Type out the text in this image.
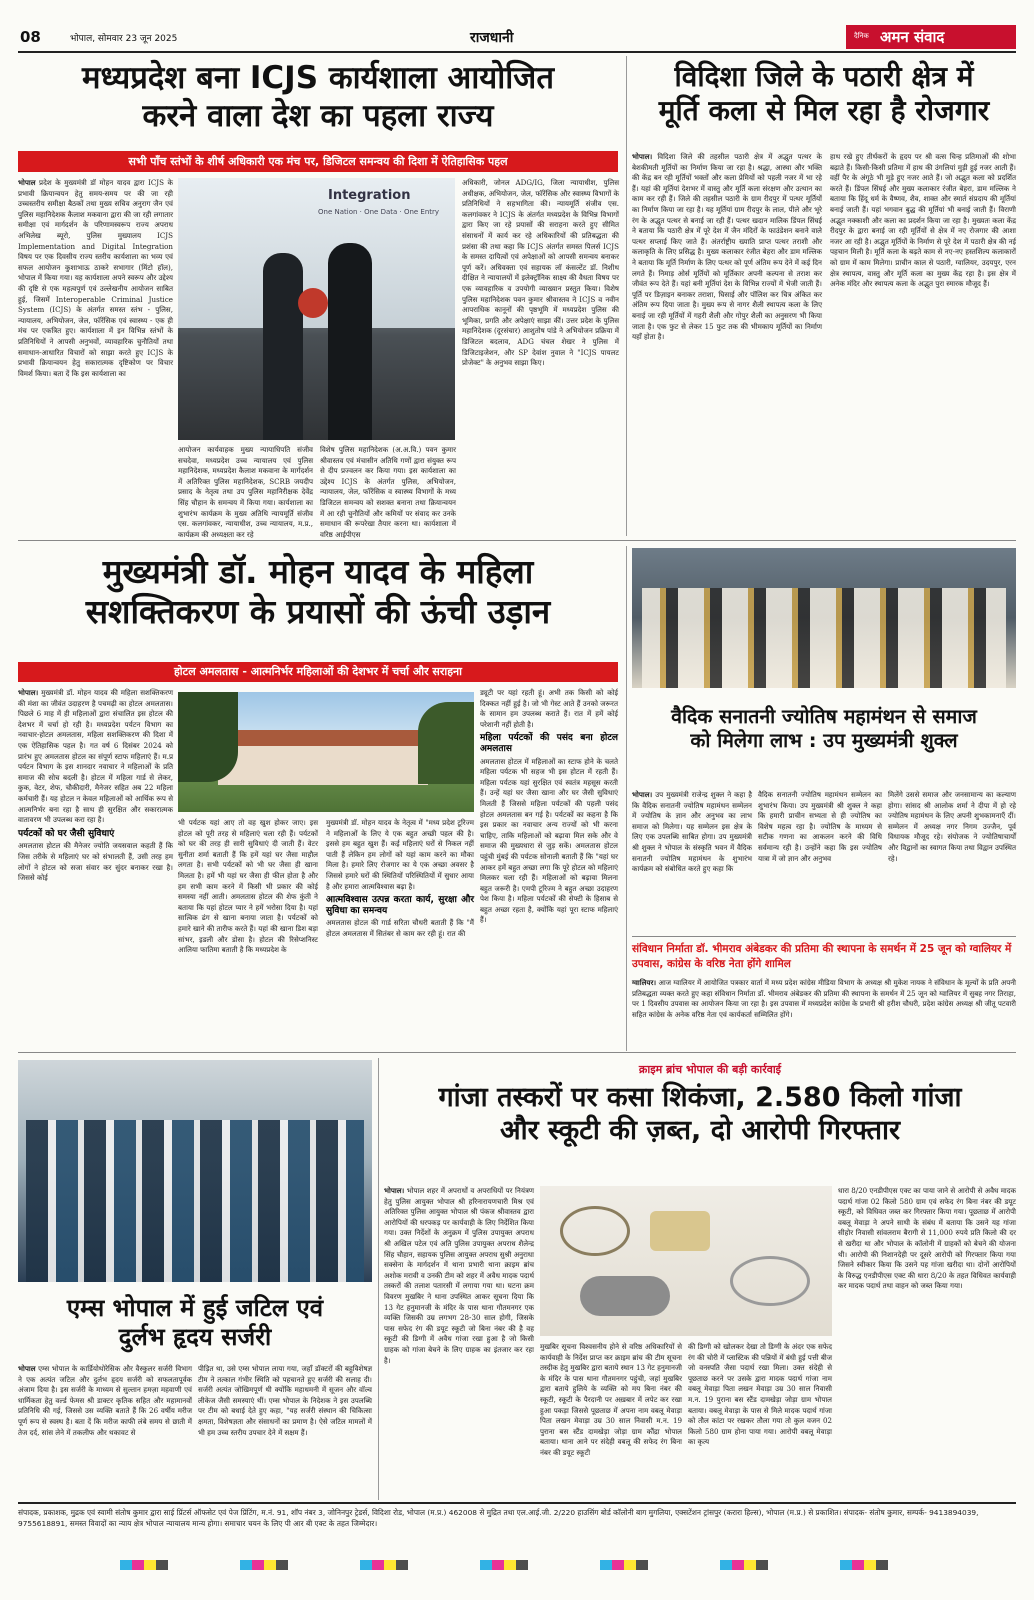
08	भोपाल, सोमवार 23 जून 2025	राजधानी	दैनिक अमन संवाद
मध्यप्रदेश बना ICJS कार्यशाला आयोजित
करने वाला देश का पहला राज्य
सभी पाँच स्तंभों के शीर्ष अधिकारी एक मंच पर, डिजिटल समन्वय की दिशा में ऐतिहासिक पहल
भोपाल प्रदेश के मुख्यमंत्री डॉ मोहन यादव द्वारा ICJS के प्रभावी क्रियान्वयन हेतु समय-समय पर की जा रही उच्चस्तरीय समीक्षा बैठकों तथा मुख्य सचिव अनुराग जैन एवं पुलिस महानिदेशक कैलाश मकवाना द्वारा की जा रही लगातार समीक्षा एवं मार्गदर्शन के परिणामस्वरूप राज्य अपराध अभिलेख ब्यूरो, पुलिस मुख्यालय ICJS Implementation and Digital Integration विषय पर एक दिवसीय राज्य स्तरीय कार्यशाला का भव्य एवं सफल आयोजन कुशाभाऊ ठाकरे सभागार (मिंटो हॉल), भोपाल में किया गया। यह कार्यशाला अपने स्वरूप और उद्देश्य की दृष्टि से एक महत्वपूर्ण एवं उल्लेखनीय आयोजन साबित हुई, जिसमें Interoperable Criminal Justice System (ICJS) के अंतर्गत समस्त स्तंभ - पुलिस, न्यायालय, अभियोजन, जेल, फॉरेंसिक एवं स्वास्थ्य - एक ही मंच पर एकत्रित हुए। कार्यशाला में इन विभिन्न स्तंभों के प्रतिनिधियों ने आपसी अनुभवों, व्यावहारिक चुनौतियों तथा समाधान-आधारित विचारों को साझा करते हुए ICJS के प्रभावी क्रियान्वयन हेतु सकारात्मक दृष्टिकोण पर विचार विमर्श किया। बता दें कि इस कार्यशाला का
Integration
One Nation · One Data · One Entry
आयोजन कार्यवाहक मुख्य न्यायाधिपति संजीव सचदेवा, मध्यप्रदेश उच्च न्यायालय एवं पुलिस महानिदेशक, मध्यप्रदेश कैलाश मकवाना के मार्गदर्शन में अतिरिक्त पुलिस महानिदेशक, SCRB जयदीप प्रसाद के नेतृत्व तथा उप पुलिस महानिरीक्षक देवेंद्र सिंह चौहान के समन्वय में किया गया। कार्यशाला का शुभारंभ कार्यक्रम के मुख्य अतिथि न्यायमूर्ति संजीव एस. कलगांवकर, न्यायाधीश, उच्च न्यायालय, म.प्र., कार्यक्रम की अध्यक्षता कर रहे
विशेष पुलिस महानिदेशक (अ.अ.वि.) पवन कुमार श्रीवास्तव एवं मंचासीन अतिथि गणों द्वारा संयुक्त रूप से दीप प्रज्वलन कर किया गया। इस कार्यशाला का उद्देश्य ICJS के अंतर्गत पुलिस, अभियोजन, न्यायालय, जेल, फॉरेंसिक व स्वास्थ्य विभागों के मध्य डिजिटल समन्वय को सशक्त बनाना तथा क्रियान्वयन में आ रही चुनौतियों और कमियों पर संवाद कर उनके समाधान की रूपरेखा तैयार करना था। कार्यशाला में वरिष्ठ आईपीएस
अधिकारी, जोनल ADG/IG, जिला न्यायाधीश, पुलिस अधीक्षक, अभियोजन, जेल, फॉरेंसिक और स्वास्थ्य विभागों के प्रतिनिधियों ने सहभागिता की। न्यायमूर्ति संजीव एस. कलगांवकर ने ICJS के अंतर्गत मध्यप्रदेश के विभिन्न विभागों द्वारा किए जा रहे प्रयासों की सराहना करते हुए सीमित संसाधनों में कार्य कर रहे अधिकारियों की प्रतिबद्धता की प्रशंसा की तथा कहा कि ICJS अंतर्गत समस्त पिलर्स ICJS के समस्त दायित्वों एवं अपेक्षाओं को आपसी समन्वय बनाकर पूर्ण करें। अधिवक्ता एवं सहायक लॉ कंसल्टेंट डॉ. निशीथ दीक्षित ने न्यायालयों में इलेक्ट्रॉनिक साक्ष्य की वैधता विषय पर एक व्यावहारिक व उपयोगी व्याख्यान प्रस्तुत किया। विशेष पुलिस महानिदेशक पवन कुमार श्रीवास्तव ने ICJS व नवीन आपराधिक कानूनों की पृष्ठभूमि में मध्यप्रदेश पुलिस की भूमिका, प्रगति और अपेक्षाएं साझा कीं। उत्तर प्रदेश के पुलिस महानिदेशक (दूरसंचार) आशुतोष पांडे ने अभियोजन प्रक्रिया में डिजिटल बदलाव, ADG चंचल शेखर ने पुलिस में डिजिटाइजेशन, और SP देवांश नुवाल ने "ICJS पायलट प्रोजेक्ट" के अनुभव साझा किए।
विदिशा जिले के पठारी क्षेत्र में
मूर्ति कला से मिल रहा है रोजगार
भोपाल। विदिशा जिले की तहसील पठारी क्षेत्र में अद्भुत पत्थर के बेशकीमती मूर्तियों का निर्माण किया जा रहा है। श्रद्धा, आस्था और भक्ति की केंद्र बन रही मूर्तियों भक्तों और कला प्रेमियों को पहली नजर में भा रहे हैं। यहां की मूर्तियां देशभर में वास्तु और मूर्ति कला संरक्षण और उत्थान का काम कर रही हैं। जिले की तहसील पठारी के ग्राम रीदपुर में पत्थर मूर्तियों का निर्माण किया जा रहा है। यह मूर्तियां ग्राम रीदपुर के लाल, पीले और भूरे रंग के अद्भुत पत्थर से बनाई जा रही हैं। पत्थर खदान मालिक डिंपल सिंघई ने बताया कि पठारी क्षेत्र में पूरे देश में जैन मंदिरों के फाउंडेशन बनाने वाले पत्थर सप्लाई किए जाते हैं। अंतर्राष्ट्रीय ख्याति प्राप्त पत्थर तराशी और कलाकृति के लिए प्रसिद्ध है। मुख्य कलाकार रंजीत बेहरा और डाम मल्लिक ने बताया कि मूर्ति निर्माण के लिए पत्थर को पूर्ण अंतिम रूप देने में कई दिन लगते हैं। निमाड़ ओर्स मूर्तियों को मूर्तिकार अपनी कल्पना से तराश कर जीवंत रूप देते हैं। यहां बनी मूर्तियां देश के विभिन्न राज्यों में भेजी जाती हैं। पूर्ति पर डिज़ाइन बनाकर तराशा, घिसाई और पॉलिश कर चित्र अंकित कर अंतिम रूप दिया जाता है। मुख्य रूप से नागर शैली स्थापत्य कला के लिए बनाई जा रही मूर्तियों में गहरी शैली और गोपुर शैली का अनुसरण भी किया जाता है। एक फुट से लेकर 15 फुट तक की भीमकाय मूर्तियों का निर्माण यहाँ होता है।
हाथ रखे हुए तीर्थंकरों के हृदय पर श्री वत्स चिन्ह प्रतिमाओं की शोभा बढ़ाते हैं। किसी-किसी प्रतिमा में हाथ की उंगलियां मुड़ी हुई नजर आती हैं। वहीं पैर के अंगूठे भी मुड़े हुए नजर आते हैं। जो अद्भुत कला को प्रदर्शित करते हैं। डिंपल सिंघई और मुख्य कलाकार रंजीत बेहरा, डाम मल्लिक ने बताया कि हिंदू धर्म के वैष्णव, शैव, शाक्त और स्मार्त संप्रदाय की मूर्तियां बनाई जाती हैं। यहां भगवान बुद्ध की मूर्तियां भी बनाई जाती हैं। विराणी अद्भुत नक्काशी और कला का प्रदर्शन किया जा रहा है। मुख्यतः कला केंद्र रीदपुर के द्वारा बनाई जा रही मूर्तियों से क्षेत्र में नए रोजगार की आशा नजर आ रही है। अद्भुत मूर्तियों के निर्माण से पूरे देश में पठारी क्षेत्र की नई पहचान मिली है। मूर्ति कला के बढ़ते काम से नए-नए हस्तशिल्प कलाकारों को ग्राम में काम मिलेगा। प्राचीन काल से पठारी, ग्वालियर, उदयपुर, एरन क्षेत्र स्थापत्य, वास्तु और मूर्ति कला का मुख्य केंद्र रहा है। इस क्षेत्र में अनेक मंदिर और स्थापत्य कला के अद्भुत पुरा स्मारक मौजूद हैं।
मुख्यमंत्री डॉ. मोहन यादव के महिला
सशक्तिकरण के प्रयासों की ऊंची उड़ान
होटल अमलतास - आत्मनिर्भर महिलाओं की देशभर में चर्चा और सराहना
भोपाल। मुख्यमंत्री डॉ. मोहन यादव की महिला सशक्तिकरण की मंशा का जीवंत उदाहरण है पचमढ़ी का होटल अमलतास। पिछले 6 माह में ही महिलाओं द्वारा संचालित इस होटल की देशभर में चर्चा हो रही है। मध्यप्रदेश पर्यटन विभाग का नवाचार-होटल अमलतास, महिला सशक्तिकरण की दिशा में एक ऐतिहासिक पहल है। गत वर्ष 6 दिसंबर 2024 को प्रारंभ हुए अमलतास होटल का संपूर्ण स्टाफ महिलाएं हैं। म.प्र पर्यटन विभाग के इस शानदार नवाचार ने महिलाओं के प्रति समाज की सोच बदली है। होटल में महिला गार्ड से लेकर, कुक, वेटर, शेफ, चौकीदारी, मैनेजर सहित अब 22 महिला कर्मचारी हैं। यह होटल न केवल महिलाओं को आर्थिक रूप से आत्मनिर्भर बना रहा है साथ ही सुरक्षित और सकारात्मक वातावरण भी उपलब्ध करा रहा है।
पर्यटकों को घर जैसी सुविधाएं
अमलतास होटल की मैनेजर ज्योति जयसवाल कहती हैं कि जिस तरीके से महिलाएं घर को संभालती हैं, उसी तरह हम लोगों ने होटल को सजा संवार कर सुंदर बनाकर रखा है। जिससे कोई
भी पर्यटक यहां आए तो वह खुश होकर जाए। इस होटल को पूरी तरह से महिलाएं चला रही हैं। पर्यटकों को घर की तरह ही सारी सुविधाएं दी जाती हैं। वेटर सुनीता शर्मा बताती हैं कि हमें यहां घर जैसा माहौल लगता है। सभी पर्यटकों को भी घर जैसा ही खाना मिलता है। हमें भी यहां घर जैसा ही फील होता है और हम सभी काम करने में किसी भी प्रकार की कोई समस्या नहीं आती। अमलतास होटल की शेफ कुंती ने बताया कि यहां होटल प्यार ने हमें भरोसा दिया है। यहां सात्विक ढंग से खाना बनाया जाता है। पर्यटकों को हमारे खाने की तारीफ करते हैं। यहां की खाना डिश बड़ा सांभर, इडली और डोसा है। होटल की रिसेप्शनिस्ट आलिया फातिमा बताती है कि मध्यप्रदेश के
मुख्यमंत्री डॉ. मोहन यादव के नेतृत्व में "मध्य प्रदेश टूरिज्म ने महिलाओं के लिए ये एक बहुत अच्छी पहल की है। इससे हम बहुत खुश हैं। कई महिलाएं घरों से निकल नहीं पाती हैं लेकिन हम लोगों को यहां काम करने का मौका मिला है। हमारे लिए रोजगार का ये एक अच्छा अवसर है जिससे हमारे घरों की स्थितियों परिस्थितियों में सुधार आया है और हमारा आत्मविश्वास बढ़ा है।
आत्मविश्वास उत्पन्न करता कार्य, सुरक्षा और सुविधा का समन्वय
अमलतास होटल की गार्ड सरिता चौधरी बताती हैं कि "मैं होटल अमलतास में सितंबर से काम कर रही हूं। रात की
ड्यूटी पर यहां रहती हूं। अभी तक किसी को कोई दिक्कत नहीं हुई है। जो भी गेस्ट आते हैं उनको जरूरत के सामान हम उपलब्ध कराते हैं। रात में हमें कोई परेशानी नहीं होती है।
महिला पर्यटकों की पसंद बना होटल अमलतास
अमलतास होटल में महिलाओं का स्टाफ होने के चलते महिला पर्यटक भी सहज भी इस होटल में रहती हैं। महिला पर्यटक यहां सुरक्षित एवं स्वतंत्र महसूस करती हैं। उन्हें यहां घर जैसा खाना और घर जैसी सुविधाएं मिलती हैं जिससे महिला पर्यटकों की पहली पसंद होटल अमलतास बन गई है। पर्यटकों का कहना है कि इस प्रकार का नवाचार अन्य राज्यों को भी करना चाहिए, ताकि महिलाओं को बढ़ावा मिल सके और वे समाज की मुख्यधारा से जुड़ सकें। अमलतास होटल पहुंची मुंबई की पर्यटक सोनाली बताती हैं कि "यहां घर आकर हमें बहुत अच्छा लगा कि पूरे होटल को महिलाएं मिलकर चला रही हैं। महिलाओं को बढ़ावा मिलना बहुत जरूरी है। एमपी टूरिज्म ने बहुत अच्छा उदाहरण पेश किया है। महिला पर्यटकों की सेफ्टी के हिसाब से बहुत अच्छा रहता है, क्योंकि यहां पूरा स्टाफ महिलाएं हैं।
वैदिक सनातनी ज्योतिष महामंथन से समाज
को मिलेगा लाभ : उप मुख्यमंत्री शुक्ल
भोपाल। उप मुख्यमंत्री राजेन्द्र शुक्ल ने कहा है कि वैदिक सनातनी ज्योतिष महामंथन सम्मेलन में ज्योतिष के ज्ञान और अनुभव का लाभ समाज को मिलेगा। यह सम्मेलन इस क्षेत्र के लिए एक उपलब्धि साबित होगा। उप मुख्यमंत्री श्री शुक्ल ने भोपाल के संस्कृति भवन में वैदिक सनातनी ज्योतिष महामंथन के शुभारंभ कार्यक्रम को संबोधित करते हुए कहा कि
वैदिक सनातनी ज्योतिष महामंथन सम्मेलन का शुभारंभ किया। उप मुख्यमंत्री श्री शुक्ल ने कहा कि हमारी प्राचीन सभ्यता से ही ज्योतिष का विशेष महत्व रहा है। ज्योतिष के माध्यम से सटीक गणना का आकलन करने की विधि सर्वमान्य रही है। उन्होंने कहा कि इस ज्योतिष यात्रा में जो ज्ञान और अनुभव
मिलेंगे उससे समाज और जनसामान्य का कल्याण होगा। सांसद श्री आलोक शर्मा ने दीपा में हो रहे ज्योतिष महामंथन के लिए अपनी शुभकामनाएँ दीं। सम्मेलन में अध्यक्ष नगर निगम उज्जैन, पूर्व विधायक मौजूद रहे। संयोजक ने ज्योतिषाचार्यों और विद्वानों का स्वागत किया तथा विद्वान उपस्थित रहे।
संविधान निर्माता डॉ. भीमराव अंबेडकर की प्रतिमा की स्थापना के समर्थन में 25 जून को ग्वालियर में उपवास, कांग्रेस के वरिष्ठ नेता होंगे शामिल
ग्वालियर। आज ग्वालियर में आयोजित पत्रकार वार्ता में मध्य प्रदेश कांग्रेस मीडिया विभाग के अध्यक्ष श्री मुकेश नायक ने संविधान के मूल्यों के प्रति अपनी प्रतिबद्धता व्यक्त करते हुए कहा संविधान निर्माता डॉ. भीमराव अंबेडकर की प्रतिमा की स्थापना के समर्थन में 25 जून को ग्वालियर में सुबह नगर तिराहा, पर 1 दिवसीय उपवास का आयोजन किया जा रहा है। इस उपवास में मध्यप्रदेश कांग्रेस के प्रभारी श्री हरीश चौधरी, प्रदेश कांग्रेस अध्यक्ष श्री जीतू पटवारी सहित कांग्रेस के अनेक वरिष्ठ नेता एवं कार्यकर्ता सम्मिलित होंगे।
एम्स भोपाल में हुई जटिल एवं
दुर्लभ हृदय सर्जरी
भोपाल एम्स भोपाल के कार्डियोथोरेसिक और वैस्कुलर सर्जरी विभाग ने एक अत्यंत जटिल और दुर्लभ हृदय सर्जरी को सफलतापूर्वक अंजाम दिया है। इस सर्जरी के माध्यम से सुल्तान हमज़ा महवाणी एवं धार्मिकता हेतु वर्ल्ड फेमस श्री डाक्टर कृतिक सहित और महामानवों प्रतिनिधि की गई, जिससे उस व्यक्ति बताते हैं कि 26 वर्षीय मरीज पूर्ण रूप से स्वस्थ है। बता दें कि मरीज काफी लंबे समय से छाती में तेज दर्द, सांस लेने में तकलीफ और थकावट से
पीड़ित था, उसे एम्स भोपाल लाया गया, जहाँ डॉक्टरों की बहुविशेषज्ञ टीम ने तत्काल गंभीर स्थिति को पहचानते हुए सर्जरी की सलाह दी। सर्जरी अत्यंत जोखिमपूर्ण थी क्योंकि महाधमनी में सूजन और वॉल्व लीकेज जैसी समस्याएं थीं। एम्स भोपाल के निदेशक ने इस उपलब्धि पर टीम को बधाई देते हुए कहा, "यह सर्जरी संस्थान की चिकित्सा क्षमता, विशेषज्ञता और संसाधनों का प्रमाण है। ऐसे जटिल मामलों में भी हम उच्च स्तरीय उपचार देने में सक्षम हैं।
क्राइम ब्रांच भोपाल की बड़ी कार्रवाई
गांजा तस्करों पर कसा शिकंजा, 2.580 किलो गांजा
और स्कूटी की ज़ब्त, दो आरोपी गिरफ्तार
भोपाल। भोपाल शहर में अपराधों व अपराधियों पर नियंत्रण हेतु पुलिस आयुक्त भोपाल श्री हरिनारायणचारी मिश्र एवं अतिरिक्त पुलिस आयुक्त भोपाल श्री पंकज श्रीवास्तव द्वारा आरोपियों की धरपकड़ पर कार्यवाही के लिए निर्देशित किया गया। उक्त निर्देशों के अनुक्रम में पुलिस उपायुक्त अपराध श्री अखिल पटेल एवं अति पुलिस उपायुक्त अपराध शैलेन्द्र सिंह चौहान, सहायक पुलिस आयुक्त अपराध सुश्री अनुराधा सक्सेना के मार्गदर्शन में थाना प्रभारी थाना क्राइम ब्रांच अशोक मरावी व उनकी टीम को शहर में अवैध मादक पदार्थ तस्करों की तलाश पतारसी में लगाया गया था। घटना क्रम विवरण मुखबिर ने थाना उपस्थित आकर सूचना दिया कि 13 गेट हनुमानजी के मंदिर के पास थाना गौतमनगर एक व्यक्ति जिसकी उम्र लगभग 28-30 साल होगी, जिसके पास सफेद रंग की डयूट स्कूटी जो बिना नंबर की है वह स्कूटी की डिग्गी में अवैध गांजा रखा हुआ है जो किसी ग्राहक को गांजा बेचने के लिए ग्राहक का इंतजार कर रहा है।
मुखबिर सूचना विश्वसनीय होने से वरिष्ठ अधिकारियों से कार्यवाही के निर्देश प्राप्त कर क्राइम ब्रांच की टीम सूचना तस्दीक हेतु मुखबिर द्वारा बताये स्थान 13 गेट हनुमानजी के मंदिर के पास थाना गौतमनगर पहुंची, जहां मुखबिर द्वारा बताये हुलिये के व्यक्ति को मय बिना नंबर की स्कूटी, स्कूटी के पैरदानी पर अख़बार में लपेट कर रखा हुआ पकड़ा जिससे पूछताछ में अपना नाम वबलू मेवाड़ा पिता लखन मेवाड़ा उम्र 30 साल निवासी म.न. 19 पुराना बस स्टैंड दामखेड़ा जोड़ा ग्राम कौंद्रा भोपाल बताया। थाना आने पर संदेही वबलू की सफेद रंग बिना नंबर की डयूट स्कूटी
की डिग्गी को खोलकर देखा तो डिग्गी के अंदर एक सफेद रंग की चोरी में प्लास्टिक की पन्नियों में बंधी हुई पत्ती बीज जो वनस्पति जैसा पदार्थ रखा मिला। उक्त संदेही से पूछताछ करने पर उसके द्वारा मादक पदार्थ गांजा नाम वबलू मेवाड़ा पिता लखन मेवाड़ा उम्र 30 साल निवासी म.न. 19 पुराना बस स्टैंड दामखेड़ा जोड़ा ग्राम भोपाल बताया। वबलू मेवाड़ा के पास से मिले मादक पदार्थ गांजा को तौल कांटा पर रखकर तौला गया तो कुल वजन 02 किलो 580 ग्राम होना पाया गया। आरोपी वबलू मेवाड़ा का कृत्य
धारा 8/20 एनडीपीएस एक्ट का पाया जाने से आरोपी से अवैध मादक पदार्थ गांजा 02 किलो 580 ग्राम एवं सफेद रंग बिना नंबर की डयूट स्कूटी, को विधिवत जब्त कर गिरफ्तार किया गया। पूछताछ में आरोपी वबलू मेवाड़ा ने अपने साथी के संबंध में बताया कि उसने यह गांजा सीहोर निवासी सांवलराम बैरागी से 11,000 रुपये प्रति किलो की दर से खरीदा था और भोपाल के कॉलोनी में ग्राहकों को बेचने की योजना थी। आरोपी की निशानदेही पर दूसरे आरोपी को गिरफ्तार किया गया जिसने स्वीकार किया कि उसने यह गांजा खरीदा था। दोनों आरोपियों के विरुद्ध एनडीपीएस एक्ट की धारा 8/20 के तहत विधिवत कार्यवाही कर मादक पदार्थ तथा वाहन को जब्त किया गया।
संपादक, प्रकाशक, मुद्रक एवं स्वामी संतोष कुमार द्वारा साई प्रिंटर्स ऑफसेट एवं पेज प्रिंटिंग, म.नं. 91, शॉप नंबर 3, जोनिनपुर ट्रेडर्स, विदिशा रोड, भोपाल (म.प्र.) 462008 से मुद्रित तथा एल.आई.जी. 2/220 हाउसिंग बोर्ड कॉलोनी बाग मुगलिया, एक्सटेंशन ट्रांसपुर (करारा हिल्स), भोपाल (म.प्र.) से प्रकाशित। संपादक- संतोष कुमार, सम्पर्क- 9413894039, 9755618891, समस्त विवादों का न्याय क्षेत्र भोपाल न्यायालय मान्य होगा। समाचार चयन के लिए पी आर बी एक्ट के तहत जिम्मेदार।
